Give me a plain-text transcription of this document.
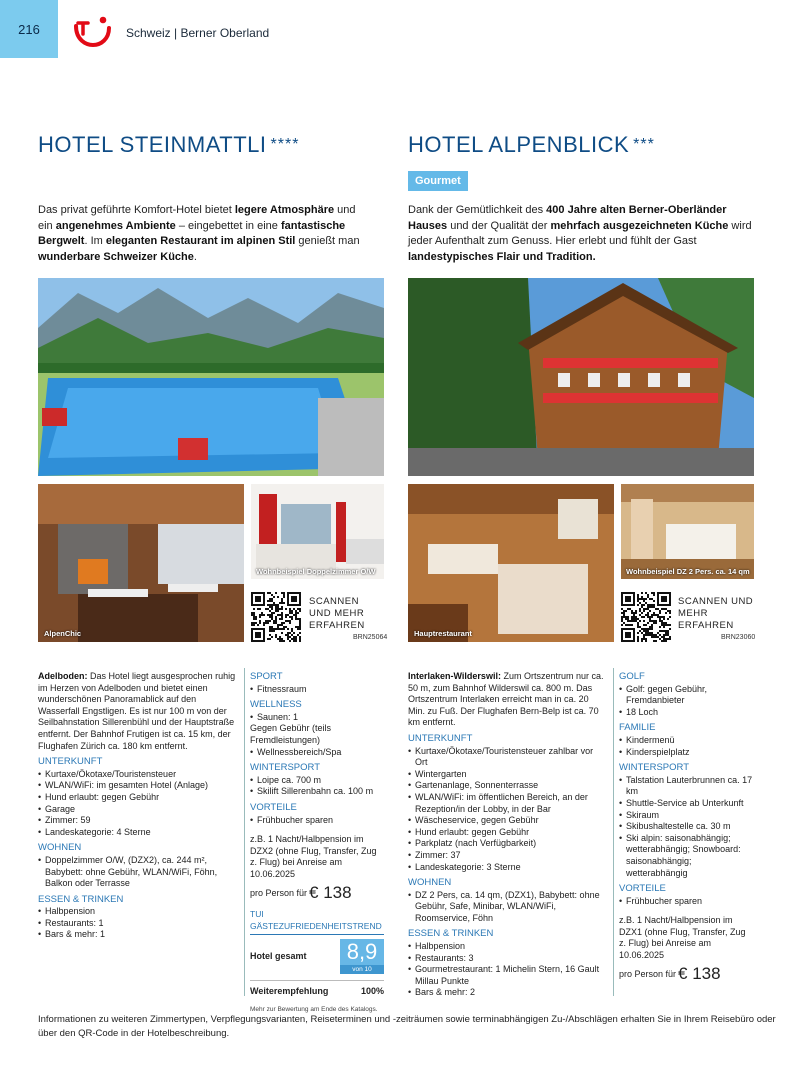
216	Schweiz | Berner Oberland
HOTEL STEINMATTLI ****
Das privat geführte Komfort-Hotel bietet legere Atmosphäre und ein angenehmes Ambiente – eingebettet in eine fantastische Bergwelt. Im eleganten Restaurant im alpinen Stil genießt man wunderbare Schweizer Küche.
HOTEL ALPENBLICK ***
Gourmet
Dank der Gemütlichkeit des 400 Jahre alten Berner-Oberländer Hauses und der Qualität der mehrfach ausgezeichneten Küche wird jeder Aufenthalt zum Genuss. Hier erlebt und fühlt der Gast landestypisches Flair und Tradition.
AlpenChic
Wohnbeispiel Doppelzimmer O/W
SCANNEN UND MEHR ERFAHREN
BRN25064	Hauptrestaurant
Wohnbeispiel DZ 2 Pers. ca. 14 qm
SCANNEN UND MEHR ERFAHREN
BRN23060
Adelboden: Das Hotel liegt ausgesprochen ruhig im Herzen von Adelboden und bietet einen wunderschönen Panoramablick auf den Wasserfall Engstligen. Es ist nur 100 m von der Seilbahnstation Sillerenbühl und der Hauptstraße entfernt. Der Bahnhof Frutigen ist ca. 15 km, der Flughafen Zürich ca. 180 km entfernt.
UNTERKUNFT
• Kurtaxe/Ökotaxe/Touristensteuer
• WLAN/WiFi: im gesamten Hotel (Anlage)
• Hund erlaubt: gegen Gebühr
• Garage
• Zimmer: 59
• Landeskategorie: 4 Sterne
WOHNEN
• Doppelzimmer O/W, (DZX2), ca. 244 m², Babybett: ohne Gebühr, WLAN/WiFi, Föhn, Balkon oder Terrasse
ESSEN & TRINKEN
• Halbpension
• Restaurants: 1
• Bars & mehr: 1
SPORT
• Fitnessraum
WELLNESS
• Saunen: 1
Gegen Gebühr (teils Fremdleistungen)
• Wellnessbereich/Spa
WINTERSPORT
• Loipe ca. 700 m
• Skilift Sillerenbahn ca. 100 m
VORTEILE
• Frühbucher sparen
z.B. 1 Nacht/Halbpension im DZX2 (ohne Flug, Transfer, Zug z. Flug) bei Anreise am 10.06.2025
pro Person für € 138
TUI GÄSTEZUFRIEDENHEITSTREND
Hotel gesamt	8,9
von 10
Weiterempfehlung	100%
Mehr zur Bewertung am Ende des Katalogs.
Interlaken-Wilderswil: Zum Ortszentrum nur ca. 50 m, zum Bahnhof Wilderswil ca. 800 m. Das Ortszentrum Interlaken erreicht man in ca. 20 Min. zu Fuß. Der Flughafen Bern-Belp ist ca. 70 km entfernt.
UNTERKUNFT
• Kurtaxe/Ökotaxe/Touristensteuer zahlbar vor Ort
• Wintergarten
• Gartenanlage, Sonnenterrasse
• WLAN/WiFi: im öffentlichen Bereich, an der Rezeption/in der Lobby, in der Bar
• Wäscheservice, gegen Gebühr
• Hund erlaubt: gegen Gebühr
• Parkplatz (nach Verfügbarkeit)
• Zimmer: 37
• Landeskategorie: 3 Sterne
WOHNEN
• DZ 2 Pers, ca. 14 qm, (DZX1), Babybett: ohne Gebühr, Safe, Minibar, WLAN/WiFi, Roomservice, Föhn
ESSEN & TRINKEN
• Halbpension
• Restaurants: 3
• Gourmetrestaurant: 1 Michelin Stern, 16 Gault Millau Punkte
• Bars & mehr: 2
GOLF
• Golf: gegen Gebühr, Fremdanbieter
• 18 Loch
FAMILIE
• Kindermenü
• Kinderspielplatz
WINTERSPORT
• Talstation Lauterbrunnen ca. 17 km
• Shuttle-Service ab Unterkunft
• Skiraum
• Skibushaltestelle ca. 30 m
• Ski alpin: saisonabhängig; wetterabhängig; Snowboard: saisonabhängig; wetterabhängig
VORTEILE
• Frühbucher sparen
z.B. 1 Nacht/Halbpension im DZX1 (ohne Flug, Transfer, Zug z. Flug) bei Anreise am 10.06.2025
pro Person für € 138
Informationen zu weiteren Zimmertypen, Verpflegungsvarianten, Reiseterminen und -zeiträumen sowie terminabhängigen Zu-/Abschlägen erhalten Sie in Ihrem Reisebüro oder über den QR-Code in der Hotelbeschreibung.
